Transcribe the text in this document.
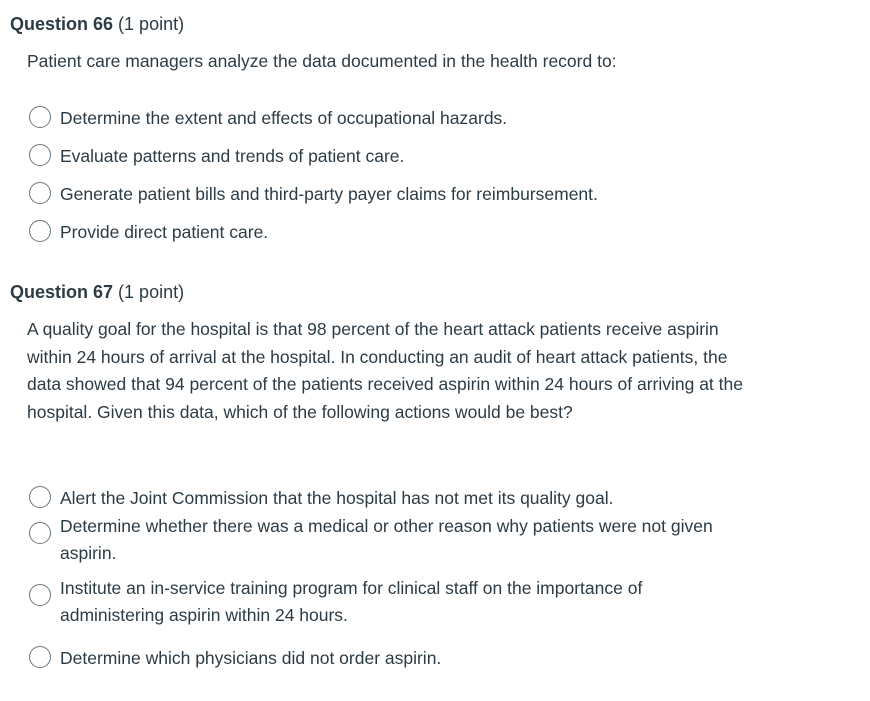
Question 66 (1 point)
Patient care managers analyze the data documented in the health record to:
Determine the extent and effects of occupational hazards.
Evaluate patterns and trends of patient care.
Generate patient bills and third-party payer claims for reimbursement.
Provide direct patient care.
Question 67 (1 point)
A quality goal for the hospital is that 98 percent of the heart attack patients receive aspirin within 24 hours of arrival at the hospital. In conducting an audit of heart attack patients, the data showed that 94 percent of the patients received aspirin within 24 hours of arriving at the hospital. Given this data, which of the following actions would be best?
Alert the Joint Commission that the hospital has not met its quality goal.
Determine whether there was a medical or other reason why patients were not given aspirin.
Institute an in-service training program for clinical staff on the importance of administering aspirin within 24 hours.
Determine which physicians did not order aspirin.
